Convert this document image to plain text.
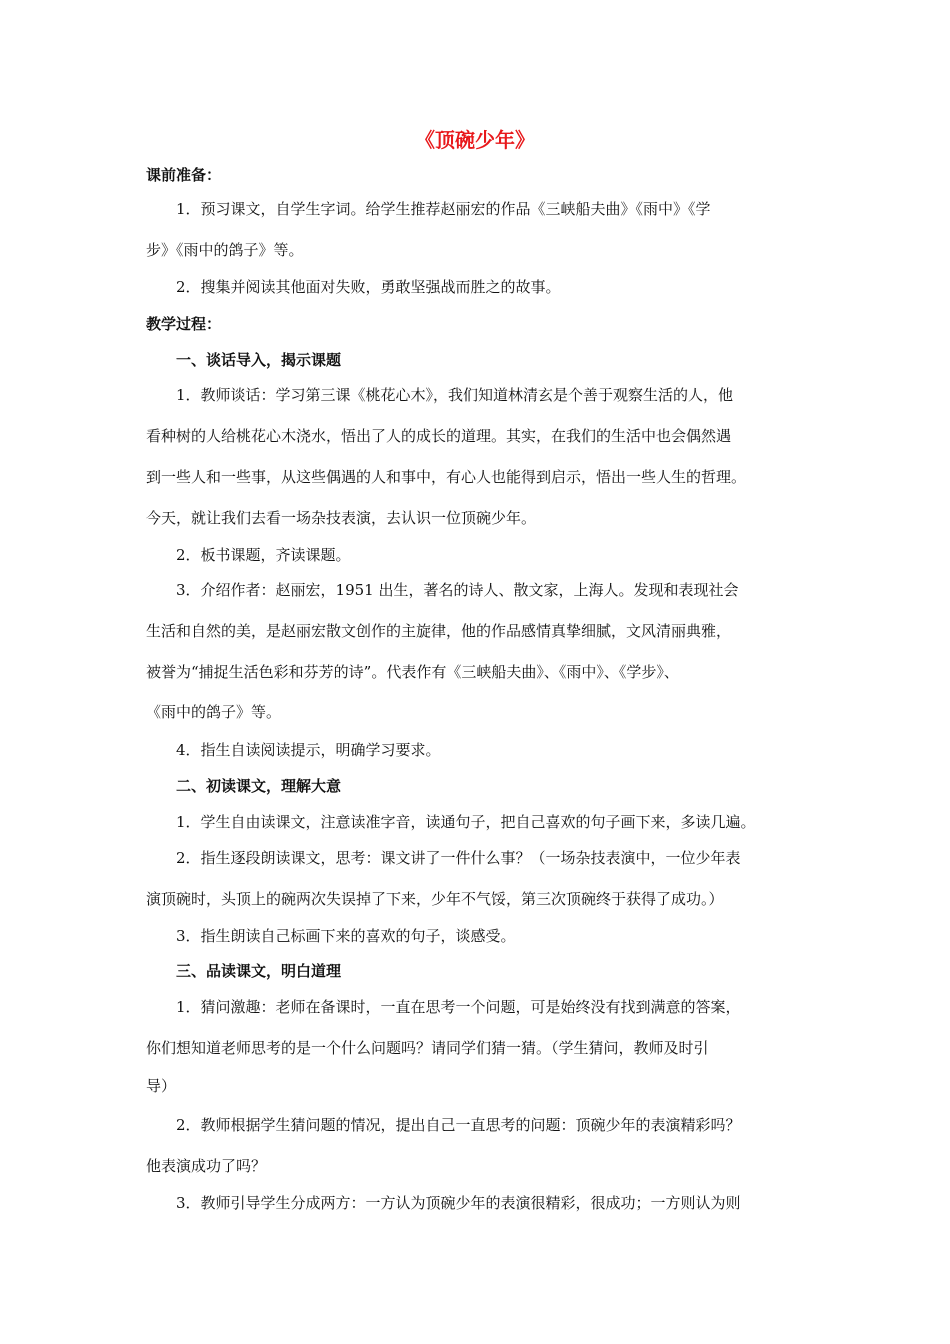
《顶碗少年》
课前准备：
1．预习课文，自学生字词。给学生推荐赵丽宏的作品《三峡船夫曲》《雨中》《学
步》《雨中的鸽子》等。
2．搜集并阅读其他面对失败，勇敢坚强战而胜之的故事。
教学过程：
一、谈话导入，揭示课题
1．教师谈话：学习第三课《桃花心木》，我们知道林清玄是个善于观察生活的人，他
看种树的人给桃花心木浇水，悟出了人的成长的道理。其实，在我们的生活中也会偶然遇
到一些人和一些事，从这些偶遇的人和事中，有心人也能得到启示，悟出一些人生的哲理。
今天，就让我们去看一场杂技表演，去认识一位顶碗少年。
2．板书课题，齐读课题。
3．介绍作者：赵丽宏，1951 出生，著名的诗人、散文家，上海人。发现和表现社会
生活和自然的美，是赵丽宏散文创作的主旋律，他的作品感情真挚细腻，文风清丽典雅，
被誉为“捕捉生活色彩和芬芳的诗”。代表作有《三峡船夫曲》、《雨中》、《学步》、
《雨中的鸽子》等。
4．指生自读阅读提示，明确学习要求。
二、初读课文，理解大意
1．学生自由读课文，注意读准字音，读通句子，把自己喜欢的句子画下来，多读几遍。
2．指生逐段朗读课文，思考：课文讲了一件什么事？（一场杂技表演中，一位少年表
演顶碗时，头顶上的碗两次失误掉了下来，少年不气馁，第三次顶碗终于获得了成功。）
3．指生朗读自己标画下来的喜欢的句子，谈感受。
三、品读课文，明白道理
1．猜问激趣：老师在备课时，一直在思考一个问题，可是始终没有找到满意的答案，
你们想知道老师思考的是一个什么问题吗？请同学们猜一猜。（学生猜问，教师及时引
导）
2．教师根据学生猜问题的情况，提出自己一直思考的问题：顶碗少年的表演精彩吗？
他表演成功了吗？
3．教师引导学生分成两方：一方认为顶碗少年的表演很精彩，很成功；一方则认为则
